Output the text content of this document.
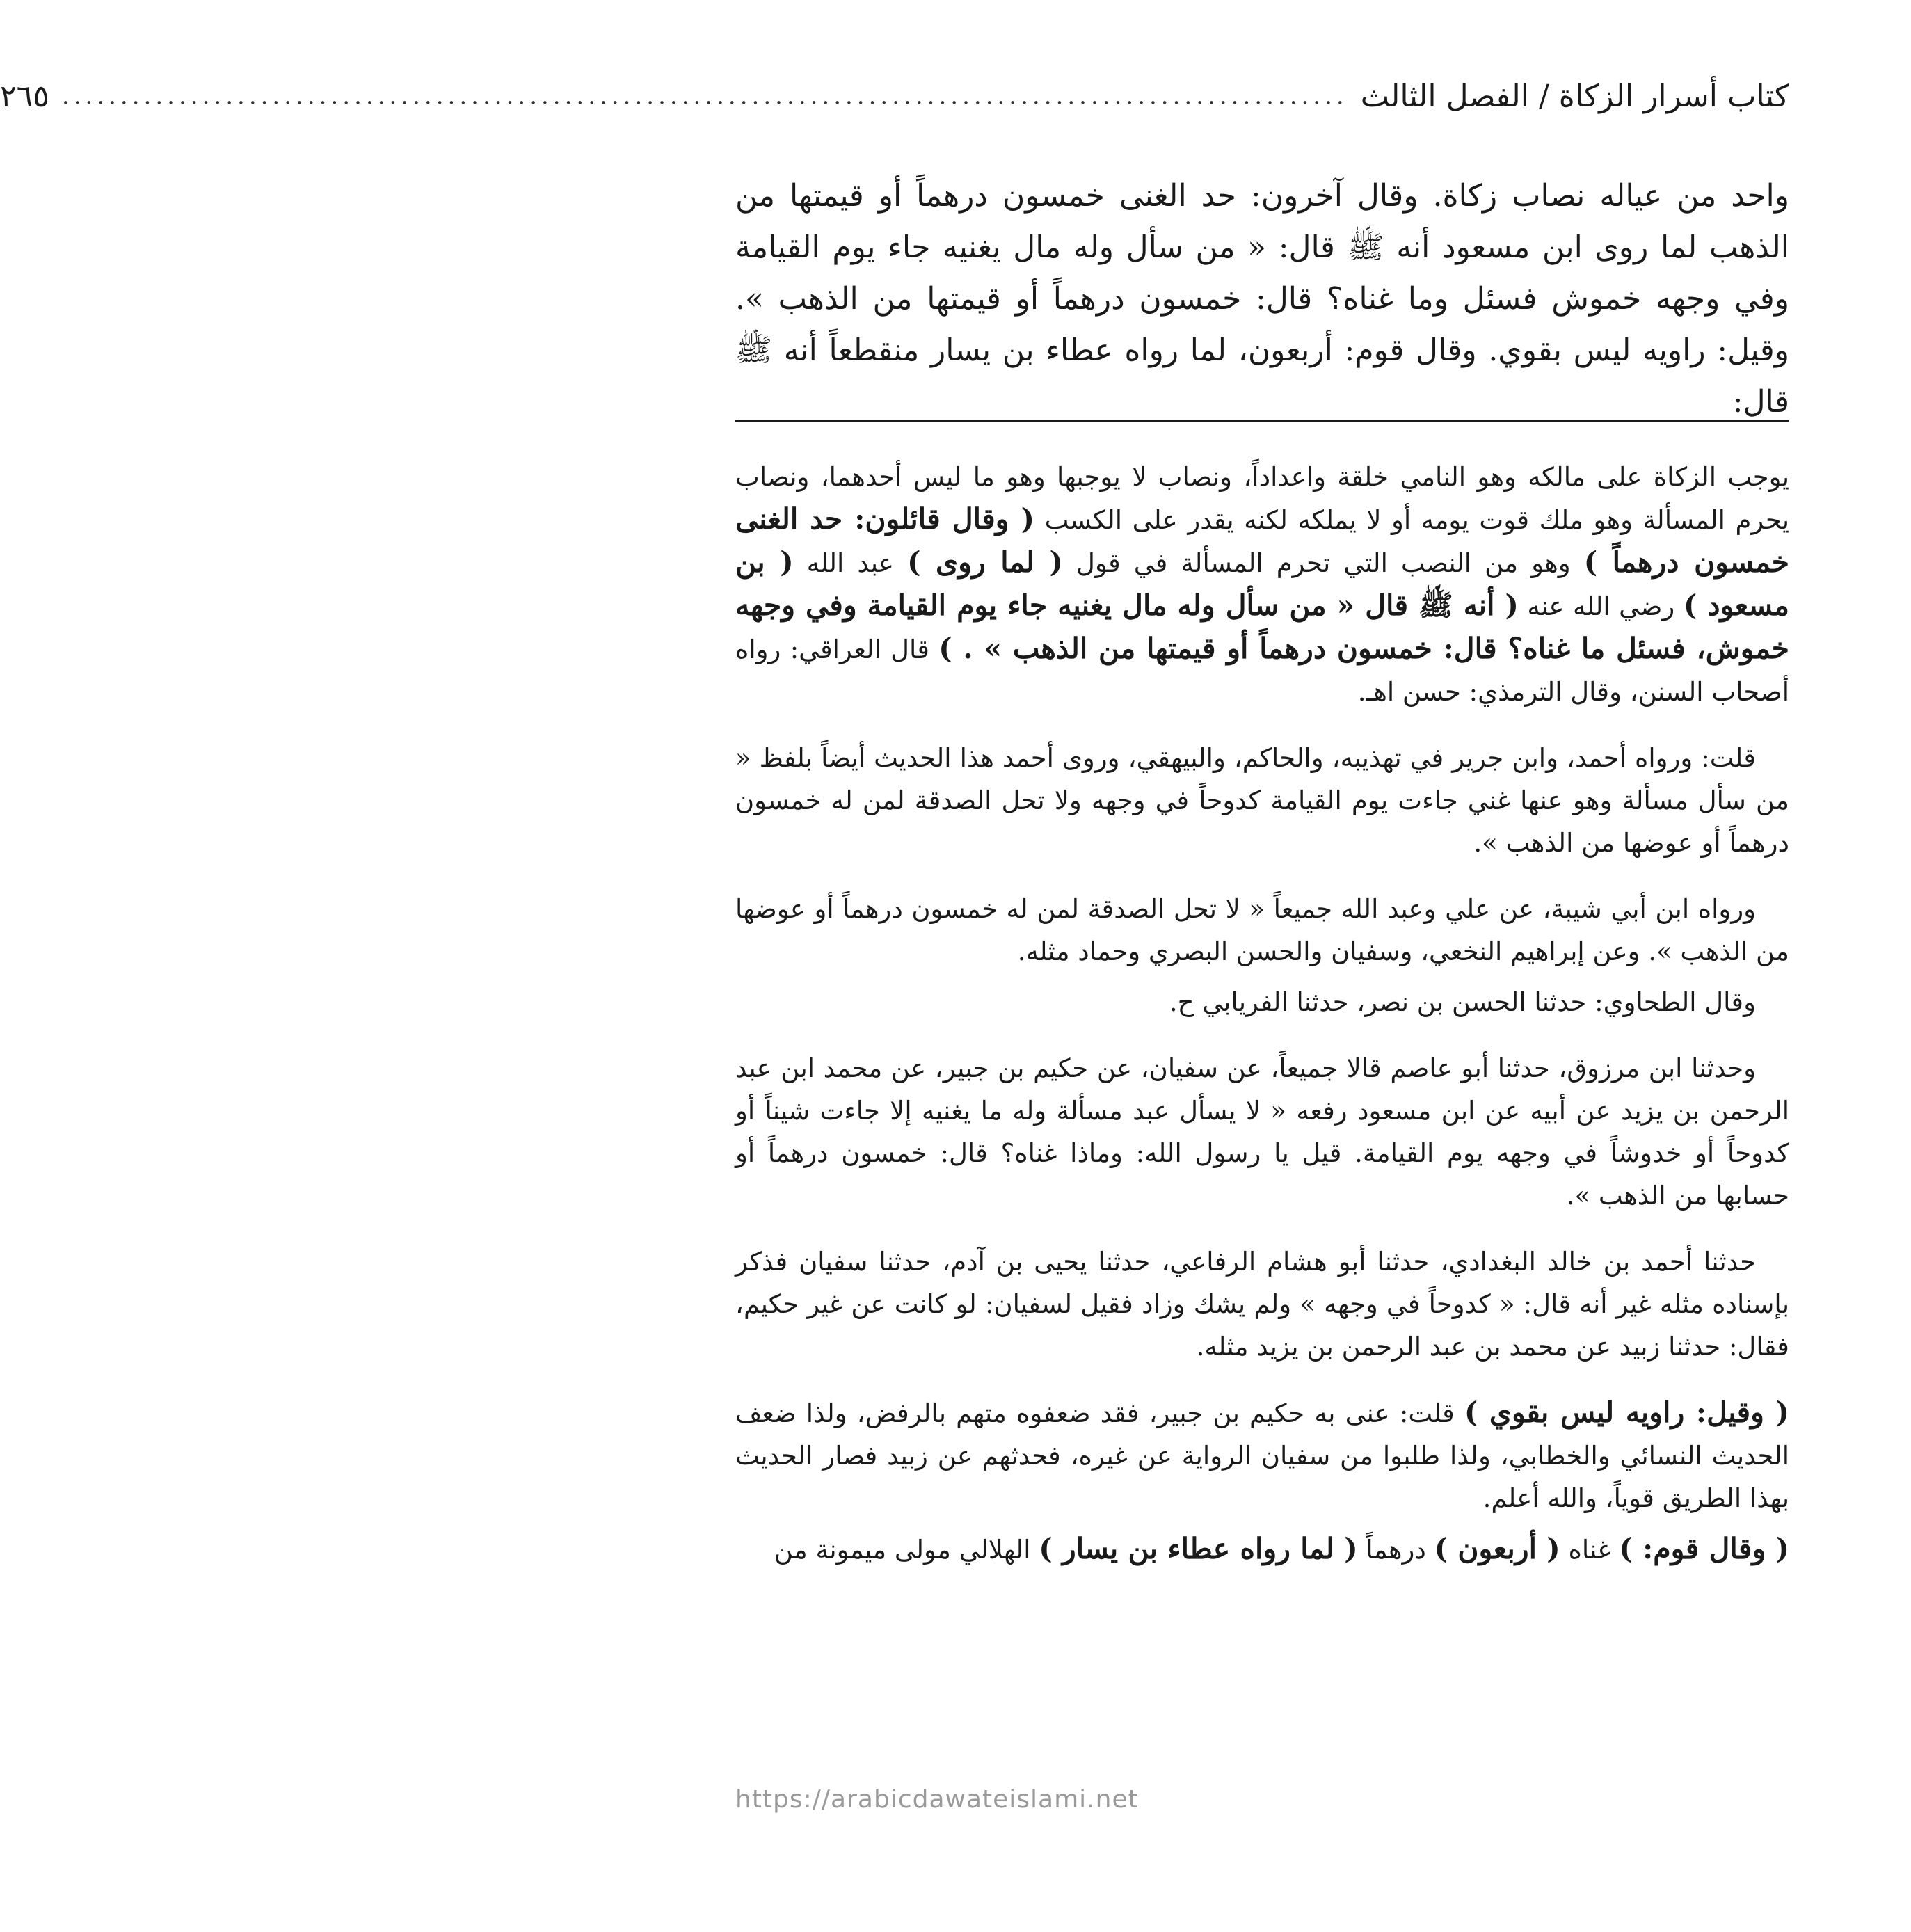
كتاب أسرار الزكاة / الفصل الثالث
..............................................................................................................
٢٦٥

واحد من عياله نصاب زكاة. وقال آخرون: حد الغنى خمسون درهماً أو قيمتها من الذهب لما روى ابن مسعود أنه ﷺ قال: « من سأل وله مال يغنيه جاء يوم القيامة وفي وجهه خموش فسئل وما غناه؟ قال: خمسون درهماً أو قيمتها من الذهب ». وقيل: راويه ليس بقوي. وقال قوم: أربعون، لما رواه عطاء بن يسار منقطعاً أنه ﷺ قال:

يوجب الزكاة على مالكه وهو النامي خلقة واعداداً، ونصاب لا يوجبها وهو ما ليس أحدهما، ونصاب يحرم المسألة وهو ملك قوت يومه أو لا يملكه لكنه يقدر على الكسب ( وقال قائلون: حد الغنى خمسون درهماً ) وهو من النصب التي تحرم المسألة في قول ( لما روى ) عبد الله ( بن مسعود ) رضي الله عنه ( أنه ﷺ قال « من سأل وله مال يغنيه جاء يوم القيامة وفي وجهه خموش، فسئل ما غناه؟ قال: خمسون درهماً أو قيمتها من الذهب » . ) قال العراقي: رواه أصحاب السنن، وقال الترمذي: حسن اهـ.

قلت: ورواه أحمد، وابن جرير في تهذيبه، والحاكم، والبيهقي، وروى أحمد هذا الحديث أيضاً بلفظ « من سأل مسألة وهو عنها غني جاءت يوم القيامة كدوحاً في وجهه ولا تحل الصدقة لمن له خمسون درهماً أو عوضها من الذهب ».

ورواه ابن أبي شيبة، عن علي وعبد الله جميعاً « لا تحل الصدقة لمن له خمسون درهماً أو عوضها من الذهب ». وعن إبراهيم النخعي، وسفيان والحسن البصري وحماد مثله.

وقال الطحاوي: حدثنا الحسن بن نصر، حدثنا الفريابي ح.

وحدثنا ابن مرزوق، حدثنا أبو عاصم قالا جميعاً، عن سفيان، عن حكيم بن جبير، عن محمد ابن عبد الرحمن بن يزيد عن أبيه عن ابن مسعود رفعه « لا يسأل عبد مسألة وله ما يغنيه إلا جاءت شيناً أو كدوحاً أو خدوشاً في وجهه يوم القيامة. قيل يا رسول الله: وماذا غناه؟ قال: خمسون درهماً أو حسابها من الذهب ».

حدثنا أحمد بن خالد البغدادي، حدثنا أبو هشام الرفاعي، حدثنا يحيى بن آدم، حدثنا سفيان فذكر بإسناده مثله غير أنه قال: « كدوحاً في وجهه » ولم يشك وزاد فقيل لسفيان: لو كانت عن غير حكيم، فقال: حدثنا زبيد عن محمد بن عبد الرحمن بن يزيد مثله.

( وقيل: راويه ليس بقوي ) قلت: عنى به حكيم بن جبير، فقد ضعفوه متهم بالرفض، ولذا ضعف الحديث النسائي والخطابي، ولذا طلبوا من سفيان الرواية عن غيره، فحدثهم عن زبيد فصار الحديث بهذا الطريق قوياً، والله أعلم.

( وقال قوم: ) غناه ( أربعون ) درهماً ( لما رواه عطاء بن يسار ) الهلالي مولى ميمونة من

https://arabicdawateislami.net
